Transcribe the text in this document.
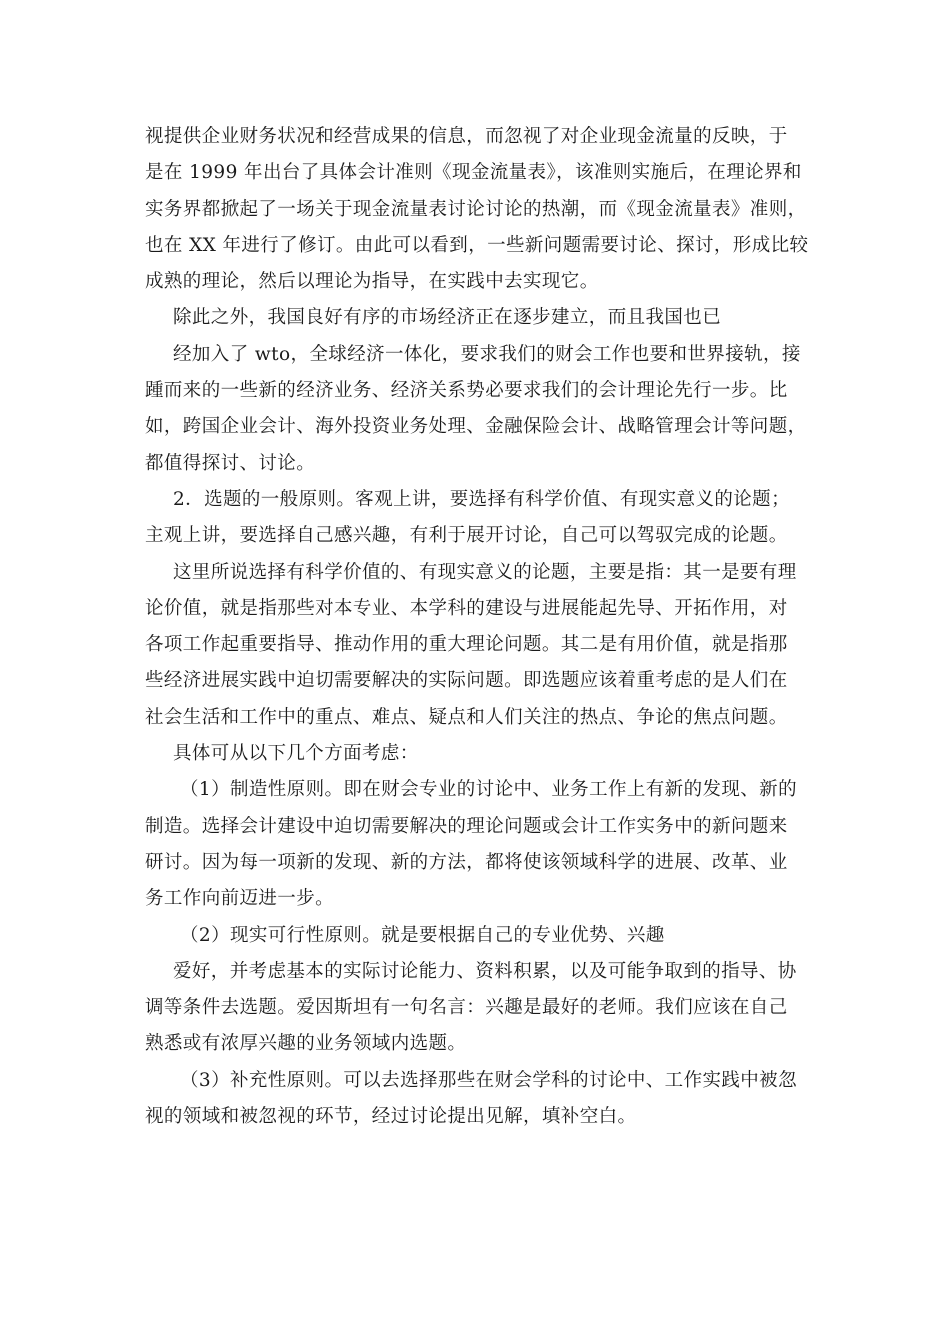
视提供企业财务状况和经营成果的信息，而忽视了对企业现金流量的反映，于
是在 1999 年出台了具体会计准则《现金流量表》，该准则实施后，在理论界和
实务界都掀起了一场关于现金流量表讨论讨论的热潮，而《现金流量表》准则，
也在 XX 年进行了修订。由此可以看到，一些新问题需要讨论、探讨，形成比较
成熟的理论，然后以理论为指导，在实践中去实现它。
除此之外，我国良好有序的市场经济正在逐步建立，而且我国也已
经加入了 wto，全球经济一体化，要求我们的财会工作也要和世界接轨，接
踵而来的一些新的经济业务、经济关系势必要求我们的会计理论先行一步。比
如，跨国企业会计、海外投资业务处理、金融保险会计、战略管理会计等问题，
都值得探讨、讨论。
2．选题的一般原则。客观上讲，要选择有科学价值、有现实意义的论题；
主观上讲，要选择自己感兴趣，有利于展开讨论，自己可以驾驭完成的论题。
这里所说选择有科学价值的、有现实意义的论题，主要是指：其一是要有理
论价值，就是指那些对本专业、本学科的建设与进展能起先导、开拓作用，对
各项工作起重要指导、推动作用的重大理论问题。其二是有用价值，就是指那
些经济进展实践中迫切需要解决的实际问题。即选题应该着重考虑的是人们在
社会生活和工作中的重点、难点、疑点和人们关注的热点、争论的焦点问题。
具体可从以下几个方面考虑：
（1）制造性原则。即在财会专业的讨论中、业务工作上有新的发现、新的
制造。选择会计建设中迫切需要解决的理论问题或会计工作实务中的新问题来
研讨。因为每一项新的发现、新的方法，都将使该领域科学的进展、改革、业
务工作向前迈进一步。
（2）现实可行性原则。就是要根据自己的专业优势、兴趣
爱好，并考虑基本的实际讨论能力、资料积累，以及可能争取到的指导、协
调等条件去选题。爱因斯坦有一句名言：兴趣是最好的老师。我们应该在自己
熟悉或有浓厚兴趣的业务领域内选题。
（3）补充性原则。可以去选择那些在财会学科的讨论中、工作实践中被忽
视的领域和被忽视的环节，经过讨论提出见解，填补空白。
